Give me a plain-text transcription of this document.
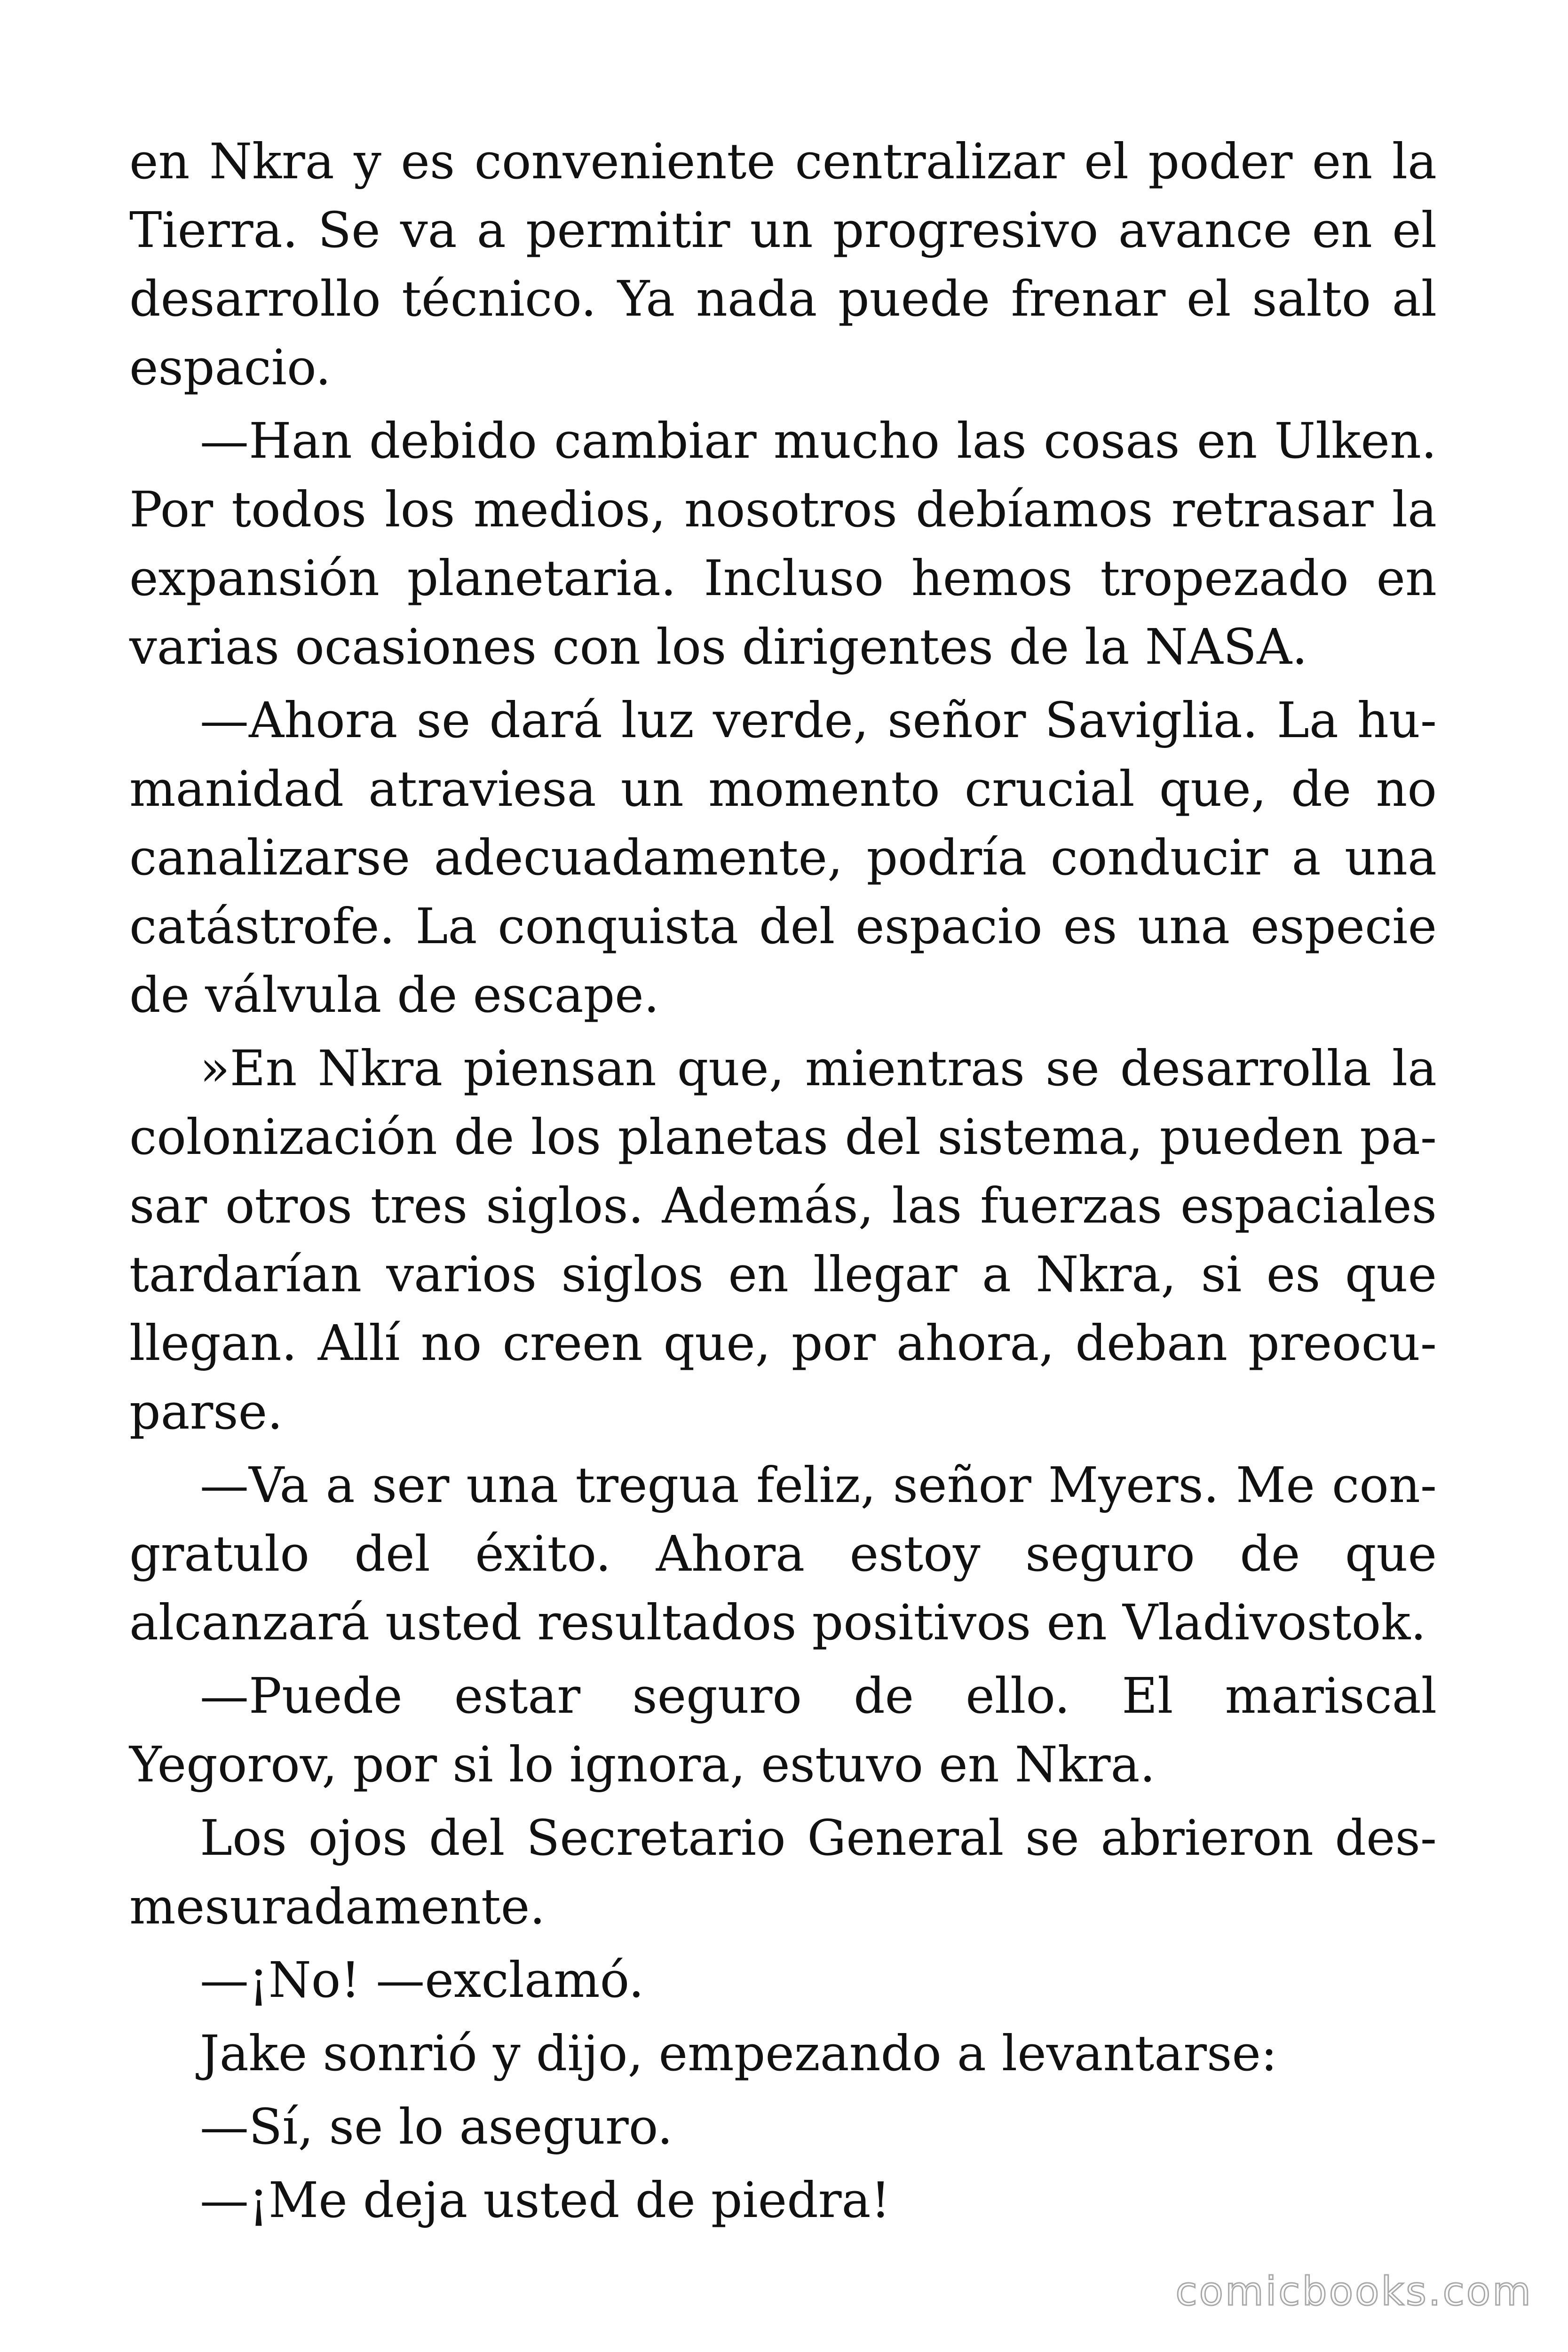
en Nkra y es conveniente centralizar el poder en la Tierra. Se va a permitir un progresivo avance en el desarrollo técnico. Ya nada puede frenar el salto al espacio.

—Han debido cambiar mucho las cosas en Ulken. Por todos los medios, nosotros debíamos retrasar la expansión planetaria. Incluso hemos tropezado en varias ocasiones con los dirigentes de la NASA.

—Ahora se dará luz verde, señor Saviglia. La humanidad atraviesa un momento crucial que, de no canalizarse adecuadamente, podría conducir a una catástrofe. La conquista del espacio es una especie de válvula de escape.

»En Nkra piensan que, mientras se desarrolla la colonización de los planetas del sistema, pueden pasar otros tres siglos. Además, las fuerzas espaciales tardarían varios siglos en llegar a Nkra, si es que llegan. Allí no creen que, por ahora, deban preocuparse.

—Va a ser una tregua feliz, señor Myers. Me congratulo del éxito. Ahora estoy seguro de que alcanzará usted resultados positivos en Vladivostok.

—Puede estar seguro de ello. El mariscal Yegorov, por si lo ignora, estuvo en Nkra.

Los ojos del Secretario General se abrieron desmesuradamente.

—¡No! —exclamó.

Jake sonrió y dijo, empezando a levantarse:

—Sí, se lo aseguro.

—¡Me deja usted de piedra!

comicbooks.com
